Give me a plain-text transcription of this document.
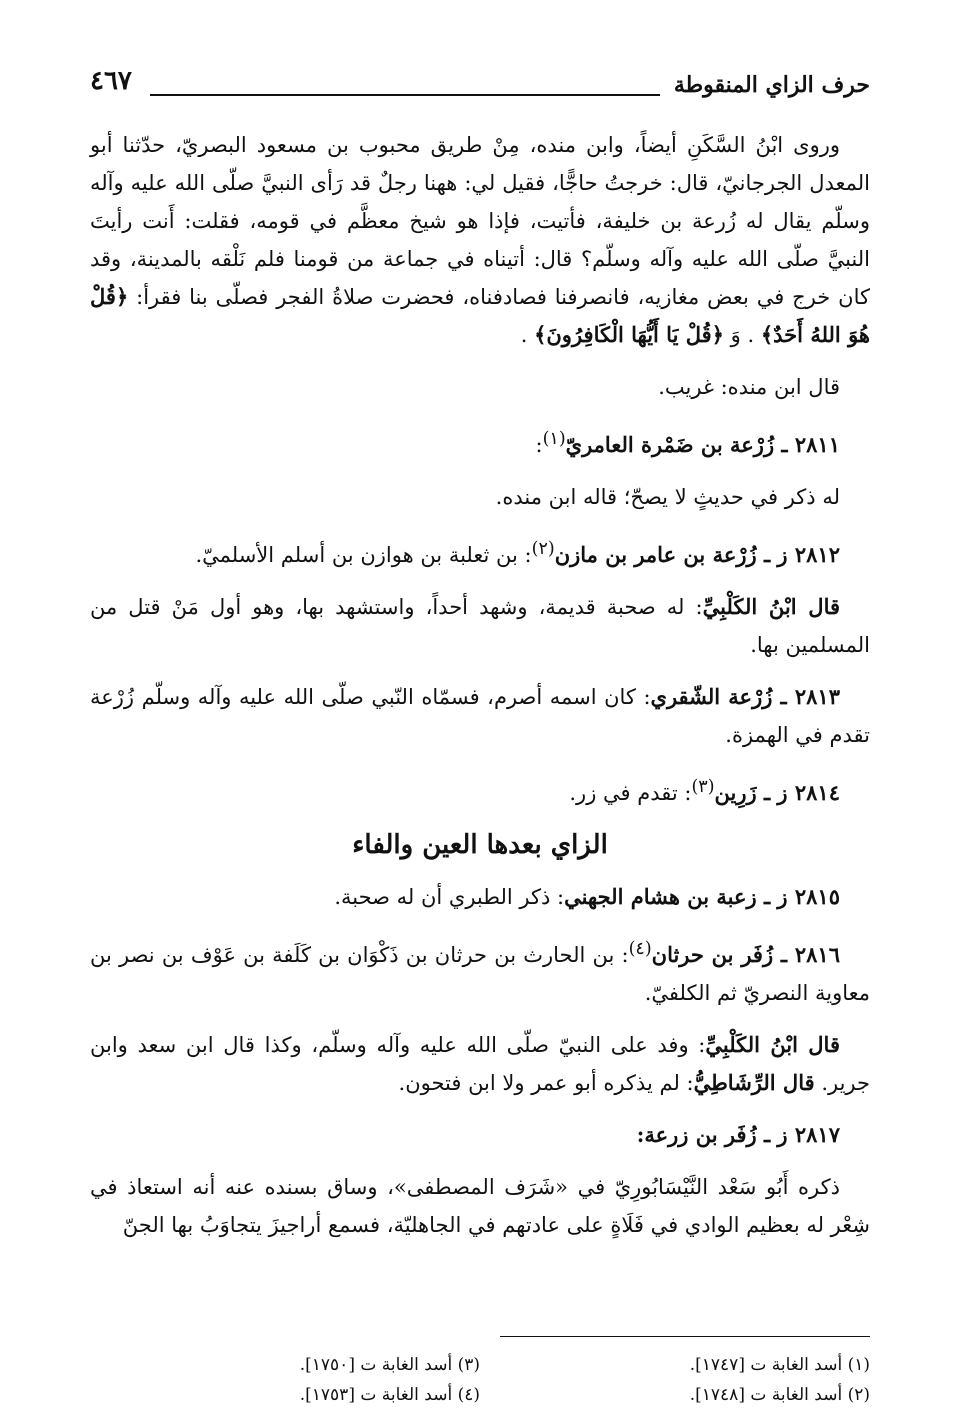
حرف الزاي المنقوطة
٤٦٧

وروى ابْنُ السَّكَنِ أيضاً، وابن منده، مِنْ طريق محبوب بن مسعود البصريّ، حدّثنا أبو المعدل الجرجانيّ، قال: خرجتُ حاجًّا، فقيل لي: ههنا رجلٌ قد رَأى النبيَّ صلّى الله عليه وآله وسلّم يقال له زُرعة بن خليفة، فأتيت، فإذا هو شيخ معظَّم في قومه، فقلت: أَنت رأيتَ النبيَّ صلّى الله عليه وآله وسلّم؟ قال: أتيناه في جماعة من قومنا فلم نَلْقه بالمدينة، وقد كان خرج في بعض مغازيه، فانصرفنا فصادفناه، فحضرت صلاةُ الفجر فصلّى بنا فقرأ: ﴿قُلْ هُوَ اللهُ أَحَدٌ﴾ . وَ ﴿قُلْ يَا أَيُّهَا الْكَافِرُونَ﴾ .

قال ابن منده: غريب.

٢٨١١ ـ زُرْعة بن ضَمْرة العامريّ$^{(١)}$:

له ذكر في حديثٍ لا يصحّ؛ قاله ابن منده.

٢٨١٢ ز ـ زُرْعة بن عامر بن مازن$^{(٢)}$: بن ثعلبة بن هوازن بن أسلم الأسلميّ.

قال ابْنُ الكَلْبِيِّ: له صحبة قديمة، وشهد أحداً، واستشهد بها، وهو أول مَنْ قتل من المسلمين بها.

٢٨١٣ ـ زُرْعة الشّقري: كان اسمه أصرم، فسمّاه النّبي صلّى الله عليه وآله وسلّم زُرْعة تقدم في الهمزة.

٢٨١٤ ز ـ زَرِين$^{(٣)}$: تقدم في زر.

الزاي بعدها العين والفاء

٢٨١٥ ز ـ زعبة بن هشام الجهني: ذكر الطبري أن له صحبة.

٢٨١٦ ـ زُفَر بن حرثان$^{(٤)}$: بن الحارث بن حرثان بن ذَكْوَان بن كَلَفة بن عَوْف بن نصر بن معاوية النصريّ ثم الكلفيّ.

قال ابْنُ الكَلْبِيِّ: وفد على النبيّ صلّى الله عليه وآله وسلّم، وكذا قال ابن سعد وابن جرير. قال الرِّشَاطِيُّ: لم يذكره أبو عمر ولا ابن فتحون.

٢٨١٧ ز ـ زُفَر بن زرعة:

ذكره أَبُو سَعْد النَّيْسَابُورِيّ في «شَرَف المصطفى»، وساق بسنده عنه أنه استعاذ في شِعْر له بعظيم الوادي في فَلَاةٍ على عادتهم في الجاهليّة، فسمع أراجيزَ يتجاوَبُ بها الجنّ

(١) أسد الغابة ت [١٧٤٧].
(٢) أسد الغابة ت [١٧٤٨].
(٣) أسد الغابة ت [١٧٥٠].
(٤) أسد الغابة ت [١٧٥٣].
